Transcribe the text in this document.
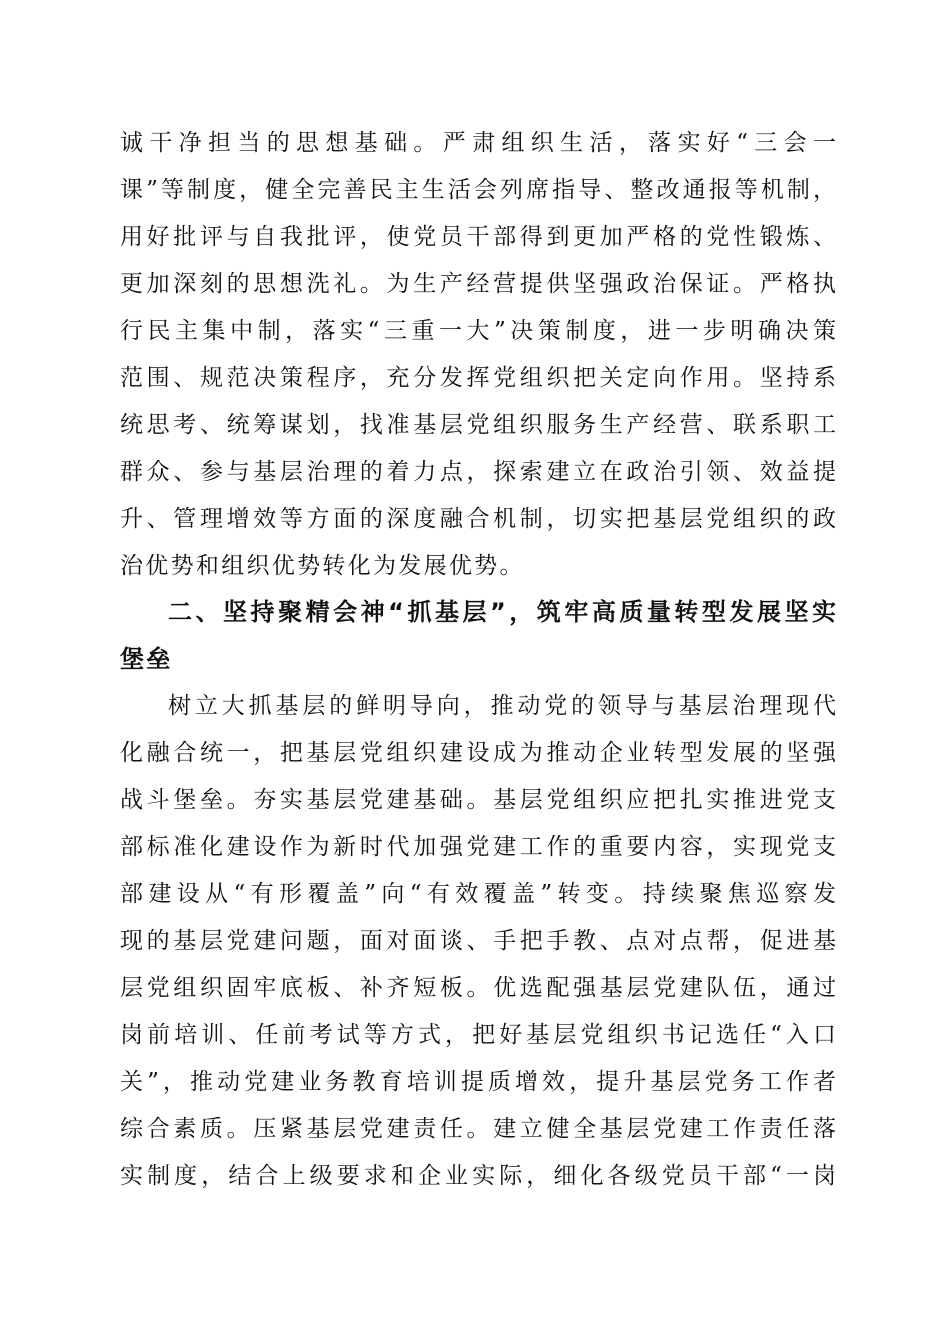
诚干净担当的思想基础。严肃组织生活，落实好“三会一
课”等制度，健全完善民主生活会列席指导、整改通报等机制，
用好批评与自我批评，使党员干部得到更加严格的党性锻炼、
更加深刻的思想洗礼。为生产经营提供坚强政治保证。严格执
行民主集中制，落实“三重一大”决策制度，进一步明确决策
范围、规范决策程序，充分发挥党组织把关定向作用。坚持系
统思考、统筹谋划，找准基层党组织服务生产经营、联系职工
群众、参与基层治理的着力点，探索建立在政治引领、效益提
升、管理增效等方面的深度融合机制，切实把基层党组织的政
治优势和组织优势转化为发展优势。
二、坚持聚精会神“抓基层”，筑牢高质量转型发展坚实
堡垒
树立大抓基层的鲜明导向，推动党的领导与基层治理现代
化融合统一，把基层党组织建设成为推动企业转型发展的坚强
战斗堡垒。夯实基层党建基础。基层党组织应把扎实推进党支
部标准化建设作为新时代加强党建工作的重要内容，实现党支
部建设从“有形覆盖”向“有效覆盖”转变。持续聚焦巡察发
现的基层党建问题，面对面谈、手把手教、点对点帮，促进基
层党组织固牢底板、补齐短板。优选配强基层党建队伍，通过
岗前培训、任前考试等方式，把好基层党组织书记选任“入口
关”，推动党建业务教育培训提质增效，提升基层党务工作者
综合素质。压紧基层党建责任。建立健全基层党建工作责任落
实制度，结合上级要求和企业实际，细化各级党员干部“一岗
